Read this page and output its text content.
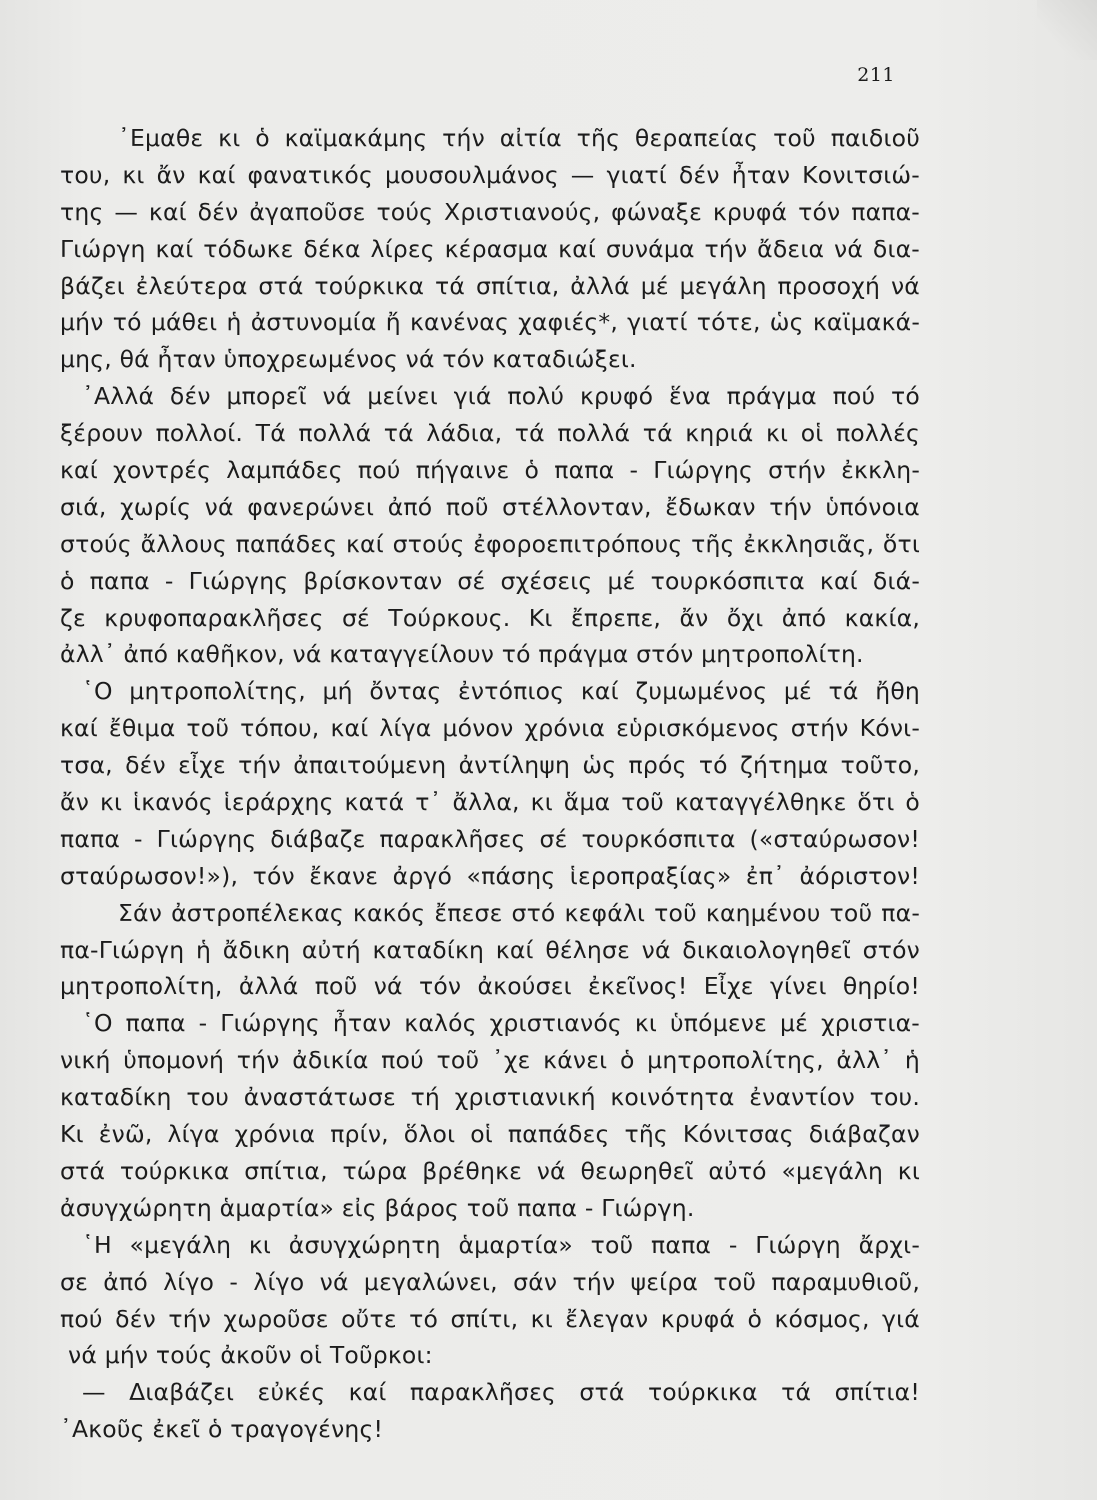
211
᾿Εμαθε κι ὁ καϊμακάμης τήν αἰτία τῆς θεραπείας τοῦ παιδιοῦ
του, κι ἄν καί φανατικός μουσουλμάνος — γιατί δέν ἦταν Κονιτσιώ-
της — καί δέν ἀγαποῦσε τούς Χριστιανούς, φώναξε κρυφά τόν παπα-
Γιώργη καί τόδωκε δέκα λίρες κέρασμα καί συνάμα τήν ἄδεια νά δια-
βάζει ἐλεύτερα στά τούρκικα τά σπίτια, ἀλλά μέ μεγάλη προσοχή νά
μήν τό μάθει ἡ ἀστυνομία ἤ κανένας χαφιές*, γιατί τότε, ὡς καϊμακά-
μης, θά ἦταν ὑποχρεωμένος νά τόν καταδιώξει.
᾿Αλλά δέν μπορεῖ νά μείνει γιά πολύ κρυφό ἕνα πράγμα πού τό
ξέρουν πολλοί. Τά πολλά τά λάδια, τά πολλά τά κηριά κι οἱ πολλές
καί χοντρές λαμπάδες πού πήγαινε ὁ παπα - Γιώργης στήν ἐκκλη-
σιά, χωρίς νά φανερώνει ἀπό ποῦ στέλλονταν, ἔδωκαν τήν ὑπόνοια
στούς ἄλλους παπάδες καί στούς ἐφοροεπιτρόπους τῆς ἐκκλησιᾶς, ὅτι
ὁ παπα - Γιώργης βρίσκονταν σέ σχέσεις μέ τουρκόσπιτα καί διά-
ζε κρυφοπαρακλῆσες σέ Τούρκους. Κι ἔπρεπε, ἄν ὄχι ἀπό κακία,
ἀλλ᾿ ἀπό καθῆκον, νά καταγγείλουν τό πράγμα στόν μητροπολίτη.
῾Ο μητροπολίτης, μή ὄντας ἐντόπιος καί ζυμωμένος μέ τά ἤθη
καί ἔθιμα τοῦ τόπου, καί λίγα μόνον χρόνια εὑρισκόμενος στήν Κόνι-
τσα, δέν εἶχε τήν ἀπαιτούμενη ἀντίληψη ὡς πρός τό ζήτημα τοῦτο,
ἄν κι ἱκανός ἱεράρχης κατά τ᾿ ἄλλα, κι ἅμα τοῦ καταγγέλθηκε ὅτι ὁ
παπα - Γιώργης διάβαζε παρακλῆσες σέ τουρκόσπιτα («σταύρωσον!
σταύρωσον!»), τόν ἔκανε ἀργό «πάσης ἱεροπραξίας» ἐπ᾿ ἀόριστον!
Σάν ἀστροπέλεκας κακός ἔπεσε στό κεφάλι τοῦ καημένου τοῦ πα-
πα-Γιώργη ἡ ἄδικη αὐτή καταδίκη καί θέλησε νά δικαιολογηθεῖ στόν
μητροπολίτη, ἀλλά ποῦ νά τόν ἀκούσει ἐκεῖνος! Εἶχε γίνει θηρίο!
῾Ο παπα - Γιώργης ἦταν καλός χριστιανός κι ὑπόμενε μέ χριστια-
νική ὑπομονή τήν ἀδικία πού τοῦ ᾿χε κάνει ὁ μητροπολίτης, ἀλλ᾿ ἡ
καταδίκη του ἀναστάτωσε τή χριστιανική κοινότητα ἐναντίον του.
Κι ἐνῶ, λίγα χρόνια πρίν, ὅλοι οἱ παπάδες τῆς Κόνιτσας διάβαζαν
στά τούρκικα σπίτια, τώρα βρέθηκε νά θεωρηθεῖ αὐτό «μεγάλη κι
ἀσυγχώρητη ἁμαρτία» εἰς βάρος τοῦ παπα - Γιώργη.
῾Η «μεγάλη κι ἀσυγχώρητη ἁμαρτία» τοῦ παπα - Γιώργη ἄρχι-
σε ἀπό λίγο - λίγο νά μεγαλώνει, σάν τήν ψείρα τοῦ παραμυθιοῦ,
πού δέν τήν χωροῦσε οὔτε τό σπίτι, κι ἔλεγαν κρυφά ὁ κόσμος, γιά
νά μήν τούς ἀκοῦν οἱ Τοῦρκοι:
— Διαβάζει εὐκές καί παρακλῆσες στά τούρκικα τά σπίτια!
᾿Ακοῦς ἐκεῖ ὁ τραγογένης!
